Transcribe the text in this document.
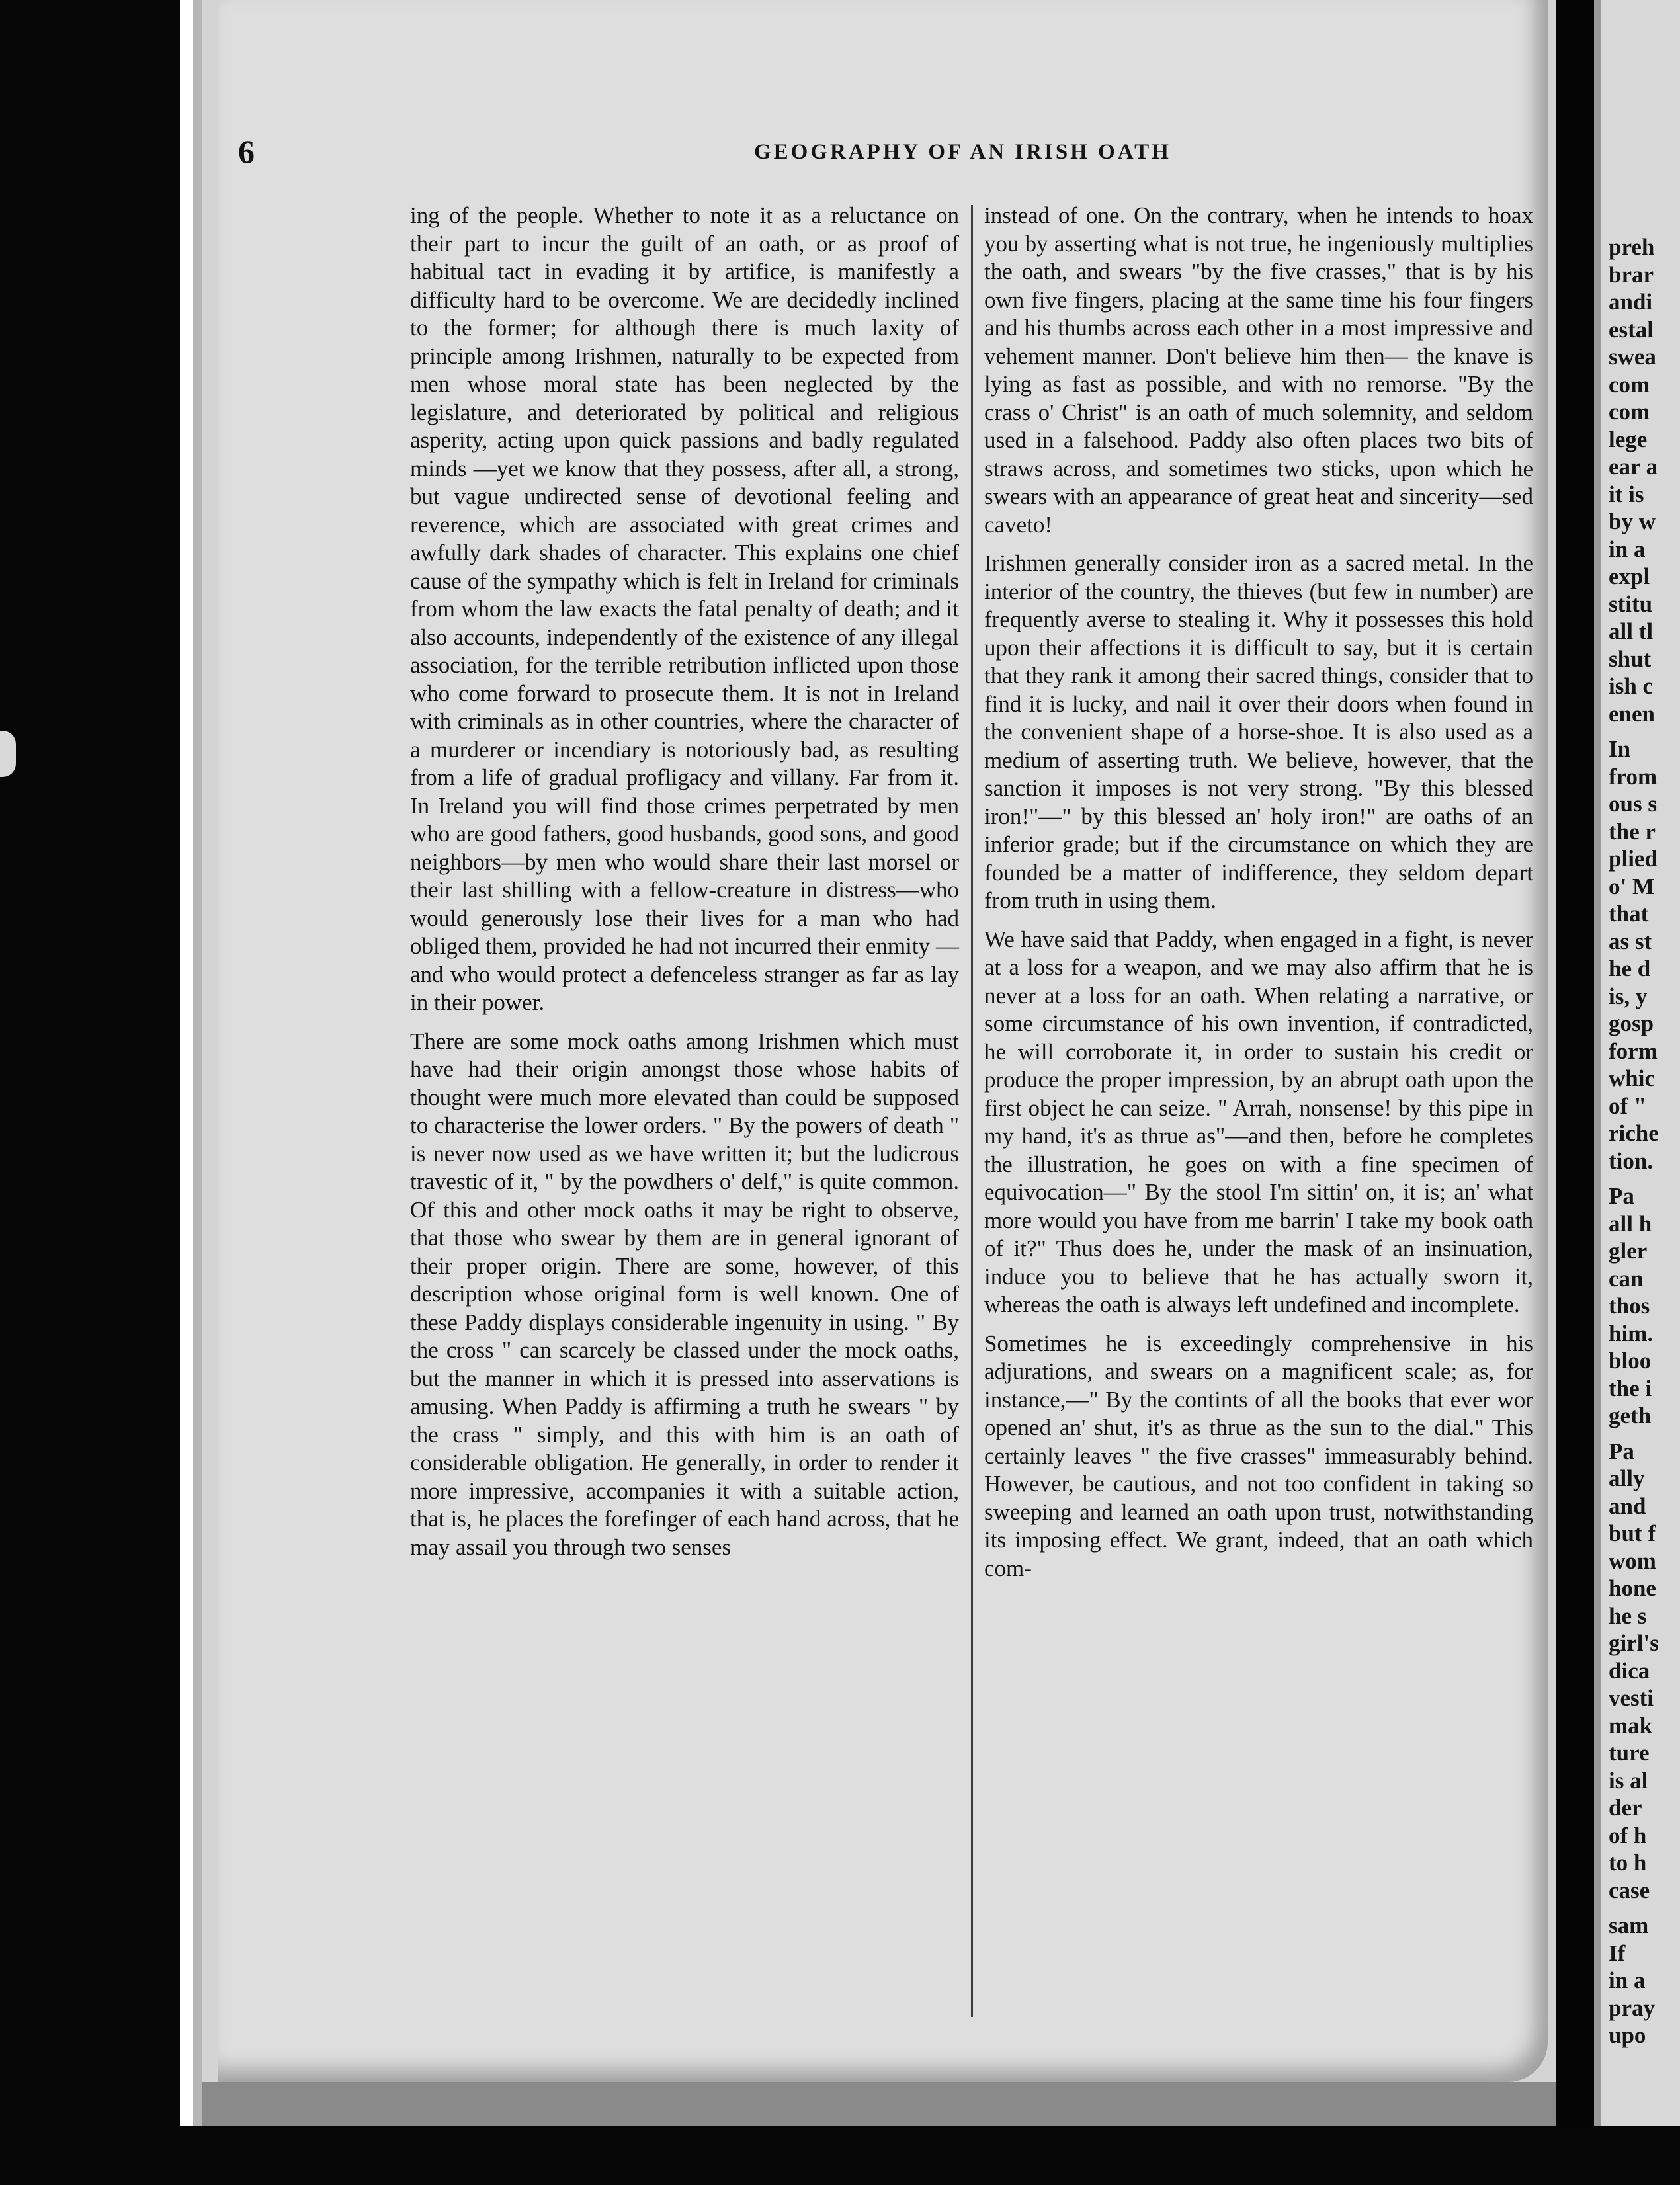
6	GEOGRAPHY OF AN IRISH OATH

ing of the people. Whether to note it as a reluctance on their part to incur the guilt of an oath, or as proof of habitual tact in evading it by artifice, is manifestly a difficulty hard to be overcome. We are decidedly inclined to the former; for although there is much laxity of principle among Irishmen, naturally to be expected from men whose moral state has been neglected by the legislature, and deteriorated by political and religious asperity, acting upon quick passions and badly regulated minds —yet we know that they possess, after all, a strong, but vague undirected sense of devotional feeling and reverence, which are associated with great crimes and awfully dark shades of character. This explains one chief cause of the sympathy which is felt in Ireland for criminals from whom the law exacts the fatal penalty of death; and it also accounts, independently of the existence of any illegal association, for the terrible retribution inflicted upon those who come forward to prosecute them. It is not in Ireland with criminals as in other countries, where the character of a murderer or incendiary is notoriously bad, as resulting from a life of gradual profligacy and villany. Far from it. In Ireland you will find those crimes perpetrated by men who are good fathers, good husbands, good sons, and good neighbors—by men who would share their last morsel or their last shilling with a fellow-creature in distress—who would generously lose their lives for a man who had obliged them, provided he had not incurred their enmity —and who would protect a defenceless stranger as far as lay in their power.

There are some mock oaths among Irishmen which must have had their origin amongst those whose habits of thought were much more elevated than could be supposed to characterise the lower orders. " By the powers of death " is never now used as we have written it; but the ludicrous travestic of it, " by the powdhers o' delf," is quite common. Of this and other mock oaths it may be right to observe, that those who swear by them are in general ignorant of their proper origin. There are some, however, of this description whose original form is well known. One of these Paddy displays considerable ingenuity in using. " By the cross " can scarcely be classed under the mock oaths, but the manner in which it is pressed into asservations is amusing. When Paddy is affirming a truth he swears " by the crass " simply, and this with him is an oath of considerable obligation. He generally, in order to render it more impressive, accompanies it with a suitable action, that is, he places the forefinger of each hand across, that he may assail you through two senses

instead of one. On the contrary, when he intends to hoax you by asserting what is not true, he ingeniously multiplies the oath, and swears "by the five crasses," that is by his own five fingers, placing at the same time his four fingers and his thumbs across each other in a most impressive and vehement manner. Don't believe him then— the knave is lying as fast as possible, and with no remorse. "By the crass o' Christ" is an oath of much solemnity, and seldom used in a falsehood. Paddy also often places two bits of straws across, and sometimes two sticks, upon which he swears with an appearance of great heat and sincerity—sed caveto!

Irishmen generally consider iron as a sacred metal. In the interior of the country, the thieves (but few in number) are frequently averse to stealing it. Why it possesses this hold upon their affections it is difficult to say, but it is certain that they rank it among their sacred things, consider that to find it is lucky, and nail it over their doors when found in the convenient shape of a horse-shoe. It is also used as a medium of asserting truth. We believe, however, that the sanction it imposes is not very strong. "By this blessed iron!"—" by this blessed an' holy iron!" are oaths of an inferior grade; but if the circumstance on which they are founded be a matter of indifference, they seldom depart from truth in using them.

We have said that Paddy, when engaged in a fight, is never at a loss for a weapon, and we may also affirm that he is never at a loss for an oath. When relating a narrative, or some circumstance of his own invention, if contradicted, he will corroborate it, in order to sustain his credit or produce the proper impression, by an abrupt oath upon the first object he can seize. " Arrah, nonsense! by this pipe in my hand, it's as thrue as"—and then, before he completes the illustration, he goes on with a fine specimen of equivocation—" By the stool I'm sittin' on, it is; an' what more would you have from me barrin' I take my book oath of it?" Thus does he, under the mask of an insinuation, induce you to believe that he has actually sworn it, whereas the oath is always left undefined and incomplete.

Sometimes he is exceedingly comprehensive in his adjurations, and swears on a magnificent scale; as, for instance,—" By the contints of all the books that ever wor opened an' shut, it's as thrue as the sun to the dial." This certainly leaves " the five crasses" immeasurably behind. However, be cautious, and not too confident in taking so sweeping and learned an oath upon trust, notwithstanding its imposing effect. We grant, indeed, that an oath which com-

preh
brar
andi
estal
swea
com
com
lege
ear a
it is
by w
in a
expl
stitu
all tl
shut
ish c
enen
In
from
ous s
the r
plied
o' M
that
as st
he d
is, y
gosp
form
whic
of "
riche
tion.
Pa
all h
gler
can
thos
him.
bloo
the i
geth
Pa
ally
and
but f
wom
hone
he s
girl's
dica
vesti
mak
ture
is al
der
of h
to h
case
sam
If
in a
pray
upo
